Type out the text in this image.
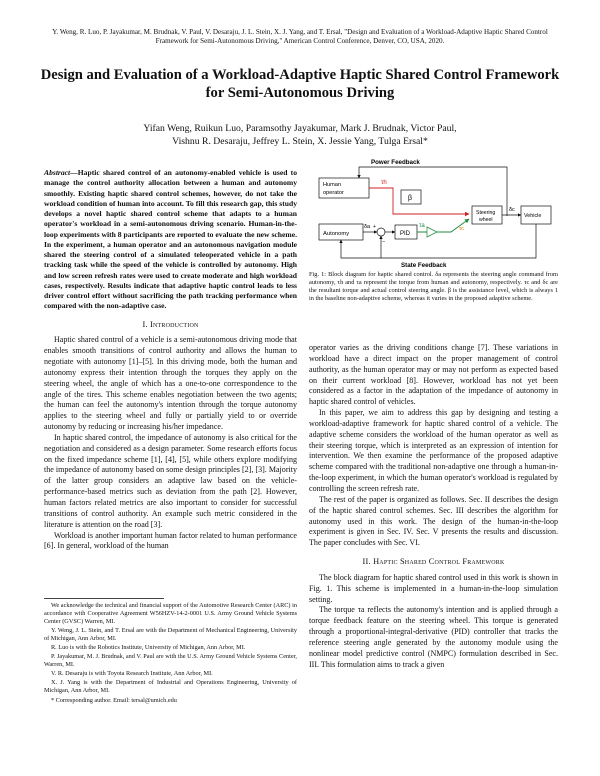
Y. Weng, R. Luo, P. Jayakumar, M. Brudnak, V. Paul, V. Desaraju, J. L. Stein, X. J. Yang, and T. Ersal, "Design and Evaluation of a Workload-Adaptive Haptic Shared Control Framework for Semi-Autonomous Driving," American Control Conference, Denver, CO, USA, 2020.
Design and Evaluation of a Workload-Adaptive Haptic Shared Control Framework for Semi-Autonomous Driving
Yifan Weng, Ruikun Luo, Paramsothy Jayakumar, Mark J. Brudnak, Victor Paul,
Vishnu R. Desaraju, Jeffrey L. Stein, X. Jessie Yang, Tulga Ersal*

Abstract—Haptic shared control of an autonomy-enabled vehicle is used to manage the control authority allocation between a human and autonomy smoothly. Existing haptic shared control schemes, however, do not take the workload condition of human into account. To fill this research gap, this study develops a novel haptic shared control scheme that adapts to a human operator's workload in a semi-autonomous driving scenario. Human-in-the-loop experiments with 8 participants are reported to evaluate the new scheme. In the experiment, a human operator and an autonomous navigation module shared the steering control of a simulated teleoperated vehicle in a path tracking task while the speed of the vehicle is controlled by autonomy. High and low screen refresh rates were used to create moderate and high workload cases, respectively. Results indicate that adaptive haptic control leads to less driver control effort without sacrificing the path tracking performance when compared with the non-adaptive case.

I. Introduction

Haptic shared control of a vehicle is a semi-autonomous driving mode that enables smooth transitions of control authority and allows the human to negotiate with autonomy [1]–[5]. In this driving mode, both the human and autonomy express their intention through the torques they apply on the steering wheel, the angle of which has a one-to-one correspondence to the angle of the tires. This scheme enables negotiation between the two agents; the human can feel the autonomy's intention through the torque autonomy applies to the steering wheel and fully or partially yield to or override autonomy by reducing or increasing his/her impedance.

In haptic shared control, the impedance of autonomy is also critical for the negotiation and considered as a design parameter. Some research efforts focus on the fixed impedance scheme [1], [4], [5], while others explore modifying the impedance of autonomy based on some design principles [2], [3]. Majority of the latter group considers an adaptive law based on the vehicle-performance-based metrics such as deviation from the path [2]. However, human factors related metrics are also important to consider for successful transitions of control authority. An example such metric considered in the literature is attention on the road [3].

Workload is another important human factor related to human performance [6]. In general, workload of the human

We acknowledge the technical and financial support of the Automotive Research Center (ARC) in accordance with Cooperative Agreement W56HZV-14-2-0001 U.S. Army Ground Vehicle Systems Center (GVSC) Warren, MI.

Y. Weng, J. L. Stein, and T. Ersal are with the Department of Mechanical Engineering, University of Michigan, Ann Arbor, MI.

R. Luo is with the Robotics Institute, University of Michigan, Ann Arbor, MI.

P. Jayakumar, M. J. Brudnak, and V. Paul are with the U.S. Army Ground Vehicle Systems Center, Warren, MI.

V. R. Desaraju is with Toyota Research Institute, Ann Arbor, MI.

X. J. Yang is with the Department of Industrial and Operations Engineering, University of Michigan, Ann Arbor, MI.

* Corresponding author. Email: tersal@umich.edu

Power Feedback
Human
operator
τh
β
Autonomy
δa +
−
PID
τa	τc
Steering
wheel
δc
Vehicle
State Feedback
Fig. 1: Block diagram for haptic shared control. δa represents the steering angle command from autonomy, τh and τa represent the torque from human and autonomy, respectively. τc and δc are the resultant torque and actual control steering angle. β is the assistance level, which is always 1 in the baseline non-adaptive scheme, whereas it varies in the proposed adaptive scheme.

operator varies as the driving conditions change [7]. These variations in workload have a direct impact on the proper management of control authority, as the human operator may or may not perform as expected based on their current workload [8]. However, workload has not yet been considered as a factor in the adaptation of the impedance of autonomy in haptic shared control of vehicles.

In this paper, we aim to address this gap by designing and testing a workload-adaptive framework for haptic shared control of a vehicle. The adaptive scheme considers the workload of the human operator as well as their steering torque, which is interpreted as an expression of intention for intervention. We then examine the performance of the proposed adaptive scheme compared with the traditional non-adaptive one through a human-in-the-loop experiment, in which the human operator's workload is regulated by controlling the screen refresh rate.

The rest of the paper is organized as follows. Sec. II describes the design of the haptic shared control schemes. Sec. III describes the algorithm for autonomy used in this work. The design of the human-in-the-loop experiment is given in Sec. IV. Sec. V presents the results and discussion. The paper concludes with Sec. VI.

II. Haptic Shared Control Framework

The block diagram for haptic shared control used in this work is shown in Fig. 1. This scheme is implemented in a human-in-the-loop simulation setting.

The torque τa reflects the autonomy's intention and is applied through a torque feedback feature on the steering wheel. This torque is generated through a proportional-integral-derivative (PID) controller that tracks the reference steering angle generated by the autonomy module using the nonlinear model predictive control (NMPC) formulation described in Sec. III. This formulation aims to track a given
